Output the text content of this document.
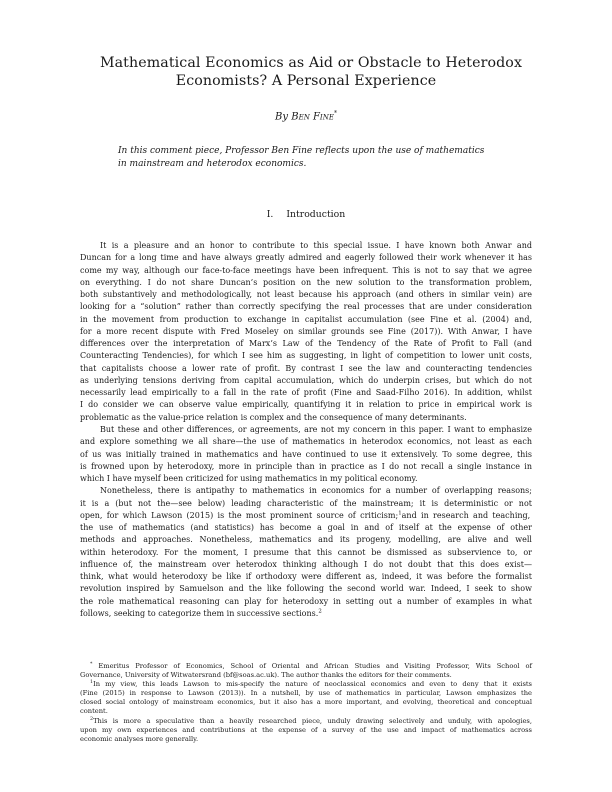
Mathematical Economics as Aid or Obstacle to Heterodox
Economists? A Personal Experience
By Ben Fine*
In this comment piece, Professor Ben Fine reflects upon the use of mathematics
in mainstream and heterodox economics.
I. Introduction
It is a pleasure and an honor to contribute to this special issue. I have known both Anwar and
Duncan for a long time and have always greatly admired and eagerly followed their work whenever it has
come my way, although our face-to-face meetings have been infrequent. This is not to say that we agree
on everything. I do not share Duncan’s position on the new solution to the transformation problem,
both substantively and methodologically, not least because his approach (and others in similar vein) are
looking for a “solution” rather than correctly specifying the real processes that are under consideration
in the movement from production to exchange in capitalist accumulation (see Fine et al. (2004) and,
for a more recent dispute with Fred Moseley on similar grounds see Fine (2017)). With Anwar, I have
differences over the interpretation of Marx’s Law of the Tendency of the Rate of Profit to Fall (and
Counteracting Tendencies), for which I see him as suggesting, in light of competition to lower unit costs,
that capitalists choose a lower rate of profit. By contrast I see the law and counteracting tendencies
as underlying tensions deriving from capital accumulation, which do underpin crises, but which do not
necessarily lead empirically to a fall in the rate of profit (Fine and Saad-Filho 2016). In addition, whilst
I do consider we can observe value empirically, quantifying it in relation to price in empirical work is
problematic as the value-price relation is complex and the consequence of many determinants.
But these and other differences, or agreements, are not my concern in this paper. I want to emphasize
and explore something we all share—the use of mathematics in heterodox economics, not least as each
of us was initially trained in mathematics and have continued to use it extensively. To some degree, this
is frowned upon by heterodoxy, more in principle than in practice as I do not recall a single instance in
which I have myself been criticized for using mathematics in my political economy.
Nonetheless, there is antipathy to mathematics in economics for a number of overlapping reasons;
it is a (but not the—see below) leading characteristic of the mainstream; it is deterministic or not
open, for which Lawson (2015) is the most prominent source of criticism;$^1$and in research and teaching,
the use of mathematics (and statistics) has become a goal in and of itself at the expense of other
methods and approaches. Nonetheless, mathematics and its progeny, modelling, are alive and well
within heterodoxy. For the moment, I presume that this cannot be dismissed as subservience to, or
influence of, the mainstream over heterodox thinking although I do not doubt that this does exist—
think, what would heterodoxy be like if orthodoxy were different as, indeed, it was before the formalist
revolution inspired by Samuelson and the like following the second world war. Indeed, I seek to show
the role mathematical reasoning can play for heterodoxy in setting out a number of examples in what
follows, seeking to categorize them in successive sections.$^2$
* Emeritus Professor of Economics, School of Oriental and African Studies and Visiting Professor, Wits School of
Governance, University of Witwatersrand (bf@soas.ac.uk). The author thanks the editors for their comments.
$^1$In my view, this leads Lawson to mis-specify the nature of neoclassical economics and even to deny that it exists
(Fine (2015) in response to Lawson (2013)). In a nutshell, by use of mathematics in particular, Lawson emphasizes the
closed social ontology of mainstream economics, but it also has a more important, and evolving, theoretical and conceptual
content.
$^2$This is more a speculative than a heavily researched piece, unduly drawing selectively and unduly, with apologies,
upon my own experiences and contributions at the expense of a survey of the use and impact of mathematics across
economic analyses more generally.
